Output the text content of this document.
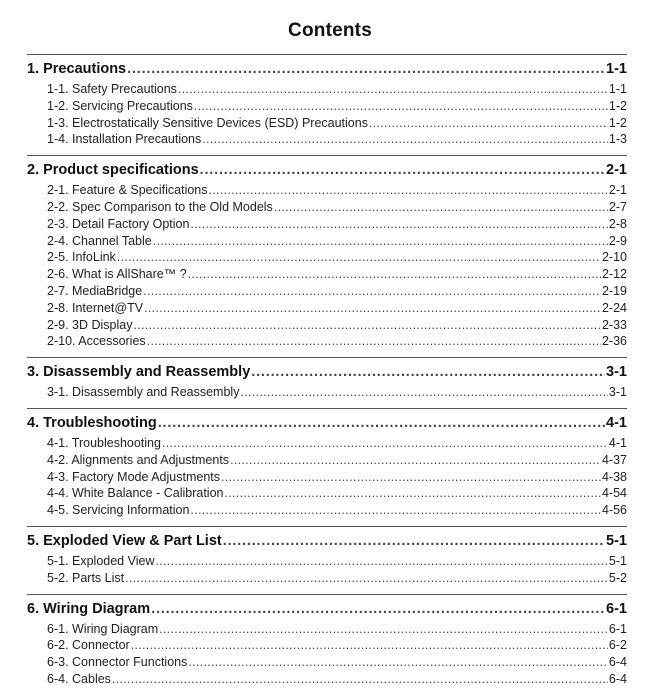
Contents
1. Precautions .....	1-1
1-1. Safety Precautions .....	1-1
1-2. Servicing Precautions .....	1-2
1-3. Electrostatically Sensitive Devices (ESD) Precautions .....	1-2
1-4. Installation Precautions .....	1-3
2. Product specifications .....	2-1
2-1. Feature & Specifications .....	2-1
2-2. Spec Comparison to the Old Models .....	2-7
2-3. Detail Factory Option .....	2-8
2-4. Channel Table .....	2-9
2-5. InfoLink .....	2-10
2-6. What is AllShare™ ? .....	2-12
2-7. MediaBridge .....	2-19
2-8. Internet@TV .....	2-24
2-9. 3D Display .....	2-33
2-10. Accessories .....	2-36
3. Disassembly and Reassembly .....	3-1
3-1. Disassembly and Reassembly .....	3-1
4. Troubleshooting .....	4-1
4-1. Troubleshooting .....	4-1
4-2. Alignments and Adjustments .....	4-37
4-3. Factory Mode Adjustments .....	4-38
4-4. White Balance - Calibration .....	4-54
4-5. Servicing Information .....	4-56
5. Exploded View & Part List .....	5-1
5-1. Exploded View .....	5-1
5-2. Parts List .....	5-2
6. Wiring Diagram .....	6-1
6-1. Wiring Diagram .....	6-1
6-2. Connector .....	6-2
6-3. Connector Functions .....	6-4
6-4. Cables .....	6-4
